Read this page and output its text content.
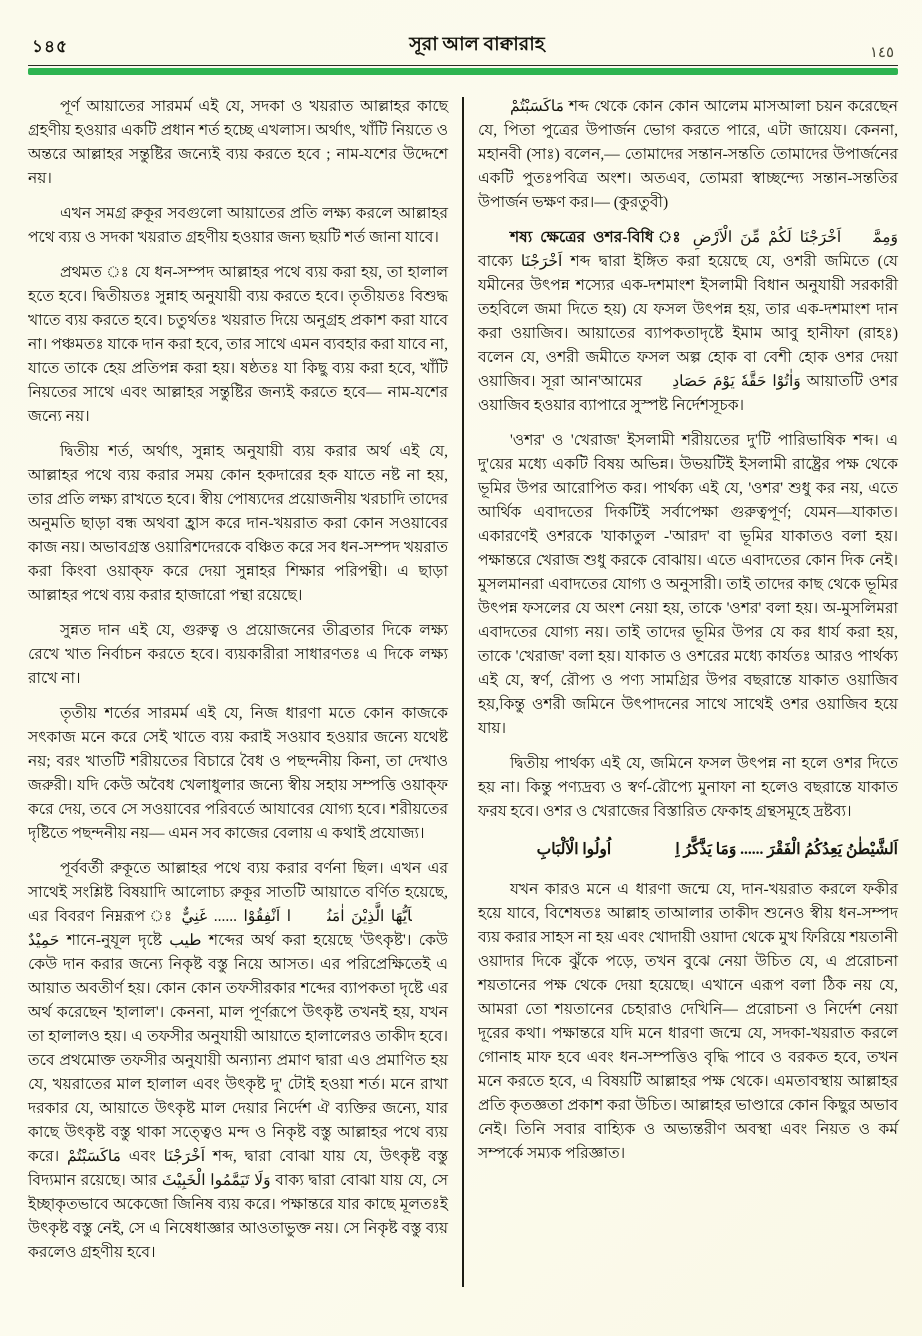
১৪৫	সূরা আল বাক্বারাহ	١٤٥

পূর্ণ আয়াতের সারমর্ম এই যে, সদকা ও খয়রাত আল্লাহর কাছে গ্রহণীয় হওয়ার একটি প্রধান শর্ত হচ্ছে এখলাস। অর্থাৎ, খাঁটি নিয়তে ও অন্তরে আল্লাহর সন্তুষ্টির জন্যেই ব্যয় করতে হবে ; নাম-যশের উদ্দেশে নয়।

এখন সমগ্র রুকূর সবগুলো আয়াতের প্রতি লক্ষ্য করলে আল্লাহর পথে ব্যয় ও সদকা খয়রাত গ্রহণীয় হওয়ার জন্য ছয়টি শর্ত জানা যাবে।

প্রথমত ঃ যে ধন-সম্পদ আল্লাহর পথে ব্যয় করা হয়, তা হালাল হতে হবে। দ্বিতীয়তঃ সুন্নাহ অনুযায়ী ব্যয় করতে হবে। তৃতীয়তঃ বিশুদ্ধ খাতে ব্যয় করতে হবে। চতুর্থতঃ খয়রাত দিয়ে অনুগ্রহ প্রকাশ করা যাবে না। পঞ্চমতঃ যাকে দান করা হবে, তার সাথে এমন ব্যবহার করা যাবে না, যাতে তাকে হেয় প্রতিপন্ন করা হয়। ষষ্ঠতঃ যা কিছু ব্যয় করা হবে, খাঁটি নিয়তের সাথে এবং আল্লাহর সন্তুষ্টির জন্যই করতে হবে— নাম-যশের জন্যে নয়।

দ্বিতীয় শর্ত, অর্থাৎ, সুন্নাহ অনুযায়ী ব্যয় করার অর্থ এই যে, আল্লাহর পথে ব্যয় করার সময় কোন হকদারের হক যাতে নষ্ট না হয়, তার প্রতি লক্ষ্য রাখতে হবে। স্বীয় পোষ্যদের প্রয়োজনীয় খরচাদি তাদের অনুমতি ছাড়া বন্ধ অথবা হ্রাস করে দান-খয়রাত করা কোন সওয়াবের কাজ নয়। অভাবগ্রস্ত ওয়ারিশদেরকে বঞ্চিত করে সব ধন-সম্পদ খয়রাত করা কিংবা ওয়াক্‌ফ করে দেয়া সুন্নাহর শিক্ষার পরিপন্থী। এ ছাড়া আল্লাহর পথে ব্যয় করার হাজারো পন্থা রয়েছে।

সুন্নত দান এই যে, গুরুত্ব ও প্রয়োজনের তীব্রতার দিকে লক্ষ্য রেখে খাত নির্বাচন করতে হবে। ব্যয়কারীরা সাধারণতঃ এ দিকে লক্ষ্য রাখে না।

তৃতীয় শর্তের সারমর্ম এই যে, নিজ ধারণা মতে কোন কাজকে সৎকাজ মনে করে সেই খাতে ব্যয় করাই সওয়াব হওয়ার জন্যে যথেষ্ট নয়; বরং খাতটি শরীয়তের বিচারে বৈধ ও পছন্দনীয় কিনা, তা দেখাও জরুরী। যদি কেউ অবৈধ খেলাধুলার জন্যে স্বীয় সহায় সম্পত্তি ওয়াক্‌ফ করে দেয়, তবে সে সওয়াবের পরিবর্তে আযাবের যোগ্য হবে। শরীয়তের দৃষ্টিতে পছন্দনীয় নয়— এমন সব কাজের বেলায় এ কথাই প্রযোজ্য।

পূর্ববর্তী রুকূতে আল্লাহর পথে ব্যয় করার বর্ণনা ছিল। এখন এর সাথেই সংশ্লিষ্ট বিষয়াদি আলোচ্য রুকূর সাতটি আয়াতে বর্ণিত হয়েছে, এর বিবরণ নিম্নরূপ ঃ يٰۤاَيُّهَا الَّذِيْنَ اٰمَنُوْۤا اَنْفِقُوْا ...... غَنِيٌّ حَمِيْدٌ শানে-নুযূল দৃষ্টে طيب শব্দের অর্থ করা হয়েছে 'উৎকৃষ্ট'। কেউ কেউ দান করার জন্যে নিকৃষ্ট বস্তু নিয়ে আসত। এর পরিপ্রেক্ষিতেই এ আয়াত অবতীর্ণ হয়। কোন কোন তফসীরকার শব্দের ব্যাপকতা দৃষ্টে এর অর্থ করেছেন 'হালাল'। কেননা, মাল পূর্ণরূপে উৎকৃষ্ট তখনই হয়, যখন তা হালালও হয়। এ তফসীর অনুযায়ী আয়াতে হালালেরও তাকীদ হবে। তবে প্রথমোক্ত তফসীর অনুযায়ী অন্যান্য প্রমাণ দ্বারা এও প্রমাণিত হয় যে, খয়রাতের মাল হালাল এবং উৎকৃষ্ট দু' টোই হওয়া শর্ত। মনে রাখা দরকার যে, আয়াতে উৎকৃষ্ট মাল দেয়ার নির্দেশ ঐ ব্যক্তির জন্যে, যার কাছে উৎকৃষ্ট বস্তু থাকা সত্ত্বেও মন্দ ও নিকৃষ্ট বস্তু আল্লাহর পথে ব্যয় করে। مَاكَسَبْتُمْ এবং اَخْرَجْنَا শব্দ, দ্বারা বোঝা যায় যে, উৎকৃষ্ট বস্তু বিদ্যমান রয়েছে। আর وَلَا تَيَمَّمُوا الْخَبِيْثَ বাক্য দ্বারা বোঝা যায় যে, সে ইচ্ছাকৃতভাবে অকেজো জিনিষ ব্যয় করে। পক্ষান্তরে যার কাছে মূলতঃই উৎকৃষ্ট বস্তু নেই, সে এ নিষেধাজ্ঞার আওতাভুক্ত নয়। সে নিকৃষ্ট বস্তু ব্যয় করলেও গ্রহণীয় হবে।

مَاكَسَبْتُمْ শব্দ থেকে কোন কোন আলেম মাসআলা চয়ন করেছেন যে, পিতা পুত্রের উপার্জন ভোগ করতে পারে, এটা জায়েয। কেননা, মহানবী (সাঃ) বলেন,— তোমাদের সন্তান-সন্ততি তোমাদের উপার্জনের একটি পুতঃপবিত্র অংশ। অতএব, তোমরা স্বাচ্ছন্দ্যে সন্তান-সন্ততির উপার্জন ভক্ষণ কর।— (কুরতুবী)

শষ্য ক্ষেত্রের ওশর-বিধি ঃ وَمِمَّاۤ اَخْرَجْنَا لَكُمْ مِّنَ الْاَرْضِ বাক্যে اَخْرَجْنَا শব্দ দ্বারা ইঙ্গিত করা হয়েছে যে, ওশরী জমিতে (যে যমীনের উৎপন্ন শস্যের এক-দশমাংশ ইসলামী বিধান অনুযায়ী সরকারী তহবিলে জমা দিতে হয়) যে ফসল উৎপন্ন হয়, তার এক-দশমাংশ দান করা ওয়াজিব। আয়াতের ব্যাপকতাদৃষ্টে ইমাম আবু হানীফা (রাহঃ) বলেন যে, ওশরী জমীতে ফসল অল্প হোক বা বেশী হোক ওশর দেয়া ওয়াজিব। সূরা আন'আমের وَاٰتُوْا حَقَّهٗ يَوْمَ حَصَادِهٖ আয়াতটি ওশর ওয়াজিব হওয়ার ব্যাপারে সুস্পষ্ট নির্দেশসূচক।

'ওশর' ও 'খেরাজ' ইসলামী শরীয়তের দু'টি পারিভাষিক শব্দ। এ দু'য়ের মধ্যে একটি বিষয় অভিন্ন। উভয়টিই ইসলামী রাষ্ট্রের পক্ষ থেকে ভূমির উপর আরোপিত কর। পার্থক্য এই যে, 'ওশর' শুধু কর নয়, এতে আর্থিক এবাদতের দিকটিই সর্বাপেক্ষা গুরুত্বপূর্ণ; যেমন—যাকাত। একারণেই ওশরকে 'যাকাতুল -'আরদ' বা ভূমির যাকাতও বলা হয়। পক্ষান্তরে খেরাজ শুধু করকে বোঝায়। এতে এবাদতের কোন দিক নেই। মুসলমানরা এবাদতের যোগ্য ও অনুসারী। তাই তাদের কাছ থেকে ভূমির উৎপন্ন ফসলের যে অংশ নেয়া হয়, তাকে 'ওশর' বলা হয়। অ-মুসলিমরা এবাদতের যোগ্য নয়। তাই তাদের ভূমির উপর যে কর ধার্য করা হয়, তাকে 'খেরাজ' বলা হয়। যাকাত ও ওশরের মধ্যে কার্যতঃ আরও পার্থক্য এই যে, স্বর্ণ, রৌপ্য ও পণ্য সামগ্রির উপর বছরান্তে যাকাত ওয়াজিব হয়,কিন্তু ওশরী জমিনে উৎপাদনের সাথে সাথেই ওশর ওয়াজিব হয়ে যায়।

দ্বিতীয় পার্থক্য এই যে, জমিনে ফসল উৎপন্ন না হলে ওশর দিতে হয় না। কিন্তু পণ্যদ্রব্য ও স্বর্ণ-রৌপ্যে মুনাফা না হলেও বছরান্তে যাকাত ফরয হবে। ওশর ও খেরাজের বিস্তারিত ফেকাহ গ্রন্থসমূহে দ্রষ্টব্য।

اَلشَّيْطٰنُ يَعِدُكُمُ الْفَقْرَ ...... وَمَا يَذَّكَّرُ اِلَّاۤ اُولُوا الْاَلْبَابِ

যখন কারও মনে এ ধারণা জন্মে যে, দান-খয়রাত করলে ফকীর হয়ে যাবে, বিশেষতঃ আল্লাহ তাআলার তাকীদ শুনেও স্বীয় ধন-সম্পদ ব্যয় করার সাহস না হয় এবং খোদায়ী ওয়াদা থেকে মুখ ফিরিয়ে শয়তানী ওয়াদার দিকে ঝুঁকে পড়ে, তখন বুঝে নেয়া উচিত যে, এ প্ররোচনা শয়তানের পক্ষ থেকে দেয়া হয়েছে। এখানে এরূপ বলা ঠিক নয় যে, আমরা তো শয়তানের চেহারাও দেখিনি— প্ররোচনা ও নির্দেশ নেয়া দূরের কথা। পক্ষান্তরে যদি মনে ধারণা জন্মে যে, সদকা-খয়রাত করলে গোনাহ মাফ হবে এবং ধন-সম্পত্তিও বৃদ্ধি পাবে ও বরকত হবে, তখন মনে করতে হবে, এ বিষয়টি আল্লাহর পক্ষ থেকে। এমতাবস্থায় আল্লাহর প্রতি কৃতজ্ঞতা প্রকাশ করা উচিত। আল্লাহর ভাণ্ডারে কোন কিছুর অভাব নেই। তিনি সবার বাহ্যিক ও অভ্যন্তরীণ অবস্থা এবং নিয়ত ও কর্ম সম্পর্কে সম্যক পরিজ্ঞাত।
